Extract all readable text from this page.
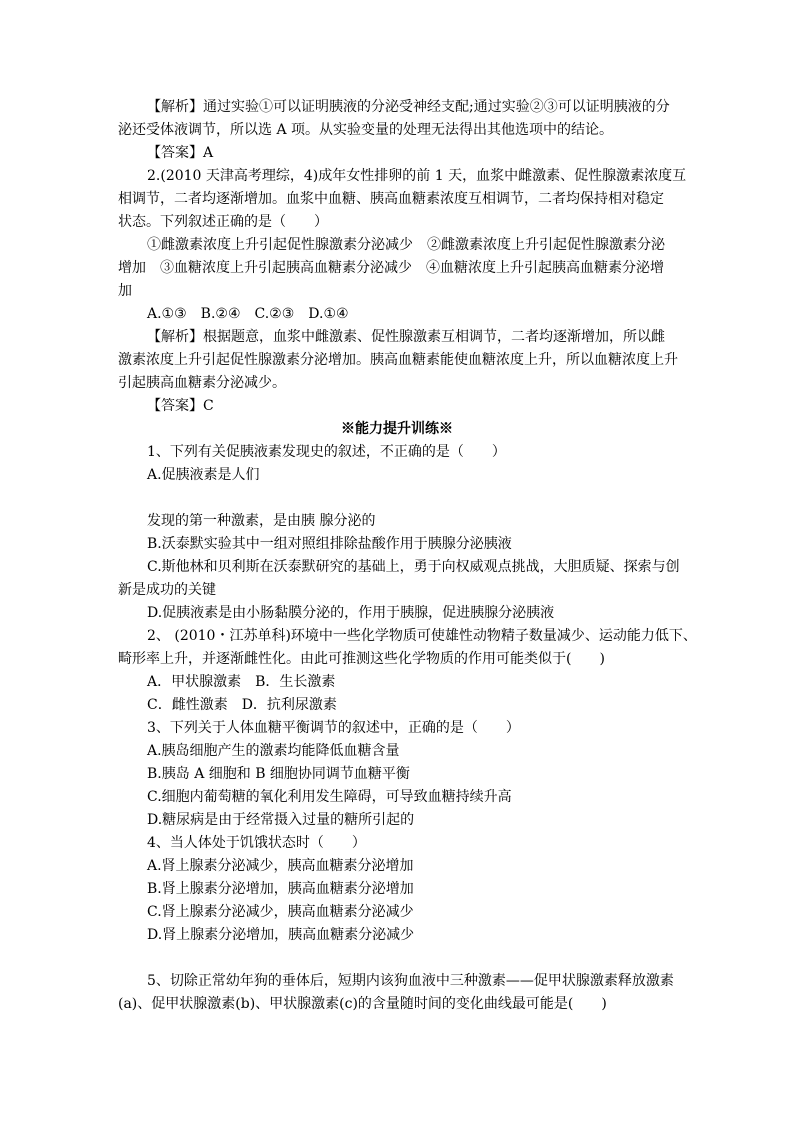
【解析】通过实验①可以证明胰液的分泌受神经支配;通过实验②③可以证明胰液的分
泌还受体液调节，所以选 A 项。从实验变量的处理无法得出其他选项中的结论。
【答案】A
2.(2010 天津高考理综，4)成年女性排卵的前 1 天，血浆中雌激素、促性腺激素浓度互
相调节，二者均逐渐增加。血浆中血糖、胰高血糖素浓度互相调节，二者均保持相对稳定
状态。下列叙述正确的是（　　）
①雌激素浓度上升引起促性腺激素分泌减少　②雌激素浓度上升引起促性腺激素分泌
增加　③血糖浓度上升引起胰高血糖素分泌减少　④血糖浓度上升引起胰高血糖素分泌增
加
A.①③　B.②④　C.②③　D.①④
【解析】根据题意，血浆中雌激素、促性腺激素互相调节，二者均逐渐增加，所以雌
激素浓度上升引起促性腺激素分泌增加。胰高血糖素能使血糖浓度上升，所以血糖浓度上升
引起胰高血糖素分泌减少。
【答案】C
※能力提升训练※
1、下列有关促胰液素发现史的叙述，不正确的是（　　）
A.促胰液素是人们
发现的第一种激素，是由胰 腺分泌的
B.沃泰默实验其中一组对照组排除盐酸作用于胰腺分泌胰液
C.斯他林和贝利斯在沃泰默研究的基础上，勇于向权威观点挑战，大胆质疑、探索与创
新是成功的关键
D.促胰液素是由小肠黏膜分泌的，作用于胰腺，促进胰腺分泌胰液
2、 (2010・江苏单科)环境中一些化学物质可使雄性动物精子数量减少、运动能力低下、
畸形率上升，并逐渐雌性化。由此可推测这些化学物质的作用可能类似于(　　)
A．甲状腺激素　B．生长激素
C．雌性激素　D．抗利尿激素
3、下列关于人体血糖平衡调节的叙述中，正确的是（　　）
A.胰岛细胞产生的激素均能降低血糖含量
B.胰岛 A 细胞和 B 细胞协同调节血糖平衡
C.细胞内葡萄糖的氧化利用发生障碍，可导致血糖持续升高
D.糖尿病是由于经常摄入过量的糖所引起的
4、当人体处于饥饿状态时（　　）
A.肾上腺素分泌减少，胰高血糖素分泌增加
B.肾上腺素分泌增加，胰高血糖素分泌增加
C.肾上腺素分泌减少，胰高血糖素分泌减少
D.肾上腺素分泌增加，胰高血糖素分泌减少
5、切除正常幼年狗的垂体后，短期内该狗血液中三种激素——促甲状腺激素释放激素
(a)、促甲状腺激素(b)、甲状腺激素(c)的含量随时间的变化曲线最可能是(　　)
